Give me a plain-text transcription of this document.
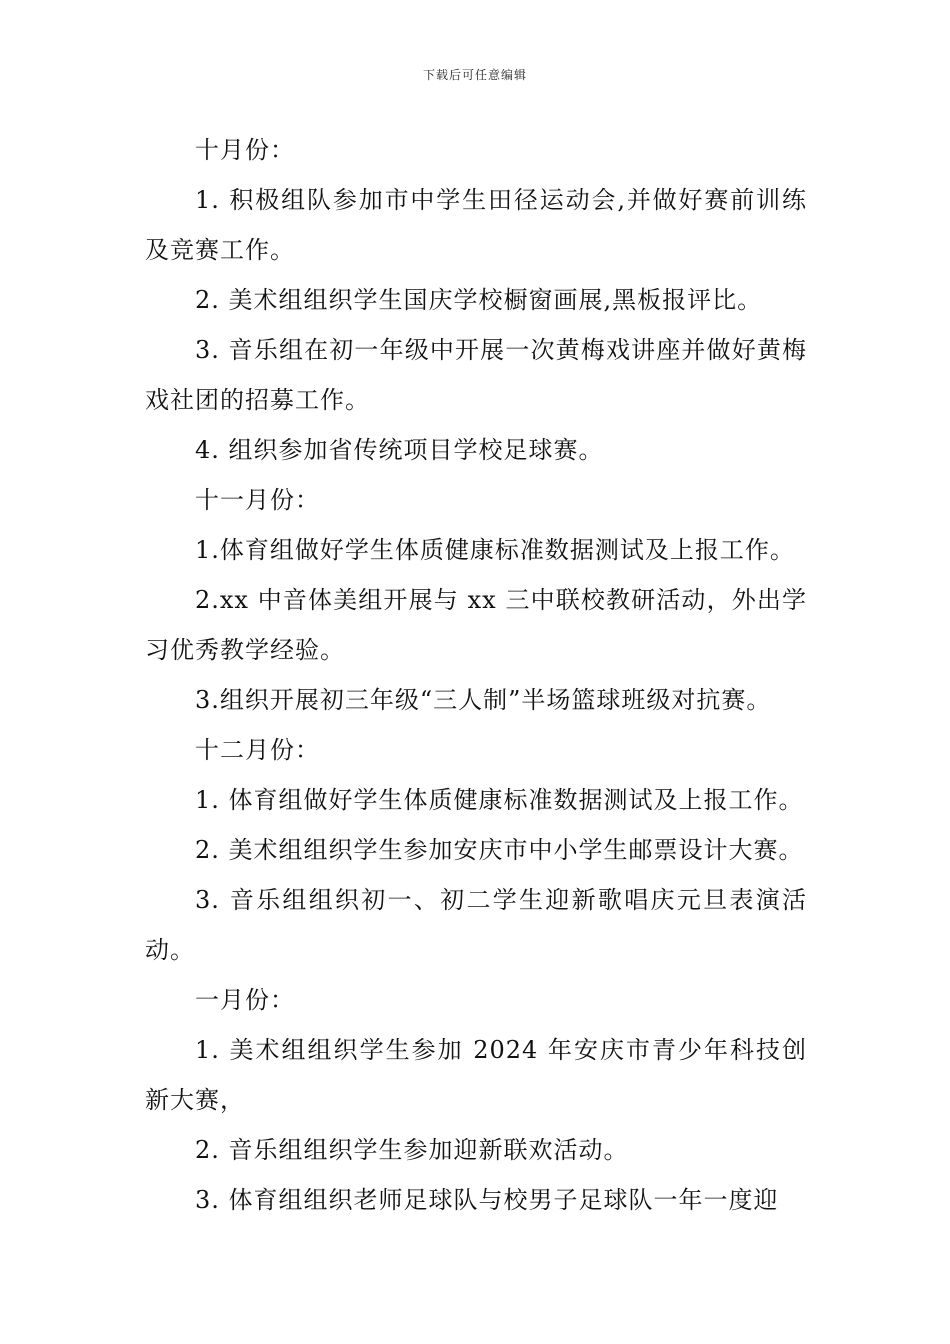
下载后可任意编辑

十月份：

1. 积极组队参加市中学生田径运动会,并做好赛前训练及竞赛工作。

2. 美术组组织学生国庆学校橱窗画展,黑板报评比。

3. 音乐组在初一年级中开展一次黄梅戏讲座并做好黄梅戏社团的招募工作。

4. 组织参加省传统项目学校足球赛。

十一月份：

1.体育组做好学生体质健康标准数据测试及上报工作。

2.xx 中音体美组开展与 xx 三中联校教研活动，外出学习优秀教学经验。

3.组织开展初三年级“三人制”半场篮球班级对抗赛。

十二月份：

1. 体育组做好学生体质健康标准数据测试及上报工作。

2. 美术组组织学生参加安庆市中小学生邮票设计大赛。

3. 音乐组组织初一、初二学生迎新歌唱庆元旦表演活动。

一月份：

1. 美术组组织学生参加 2024 年安庆市青少年科技创新大赛，

2. 音乐组组织学生参加迎新联欢活动。

3. 体育组组织老师足球队与校男子足球队一年一度迎
